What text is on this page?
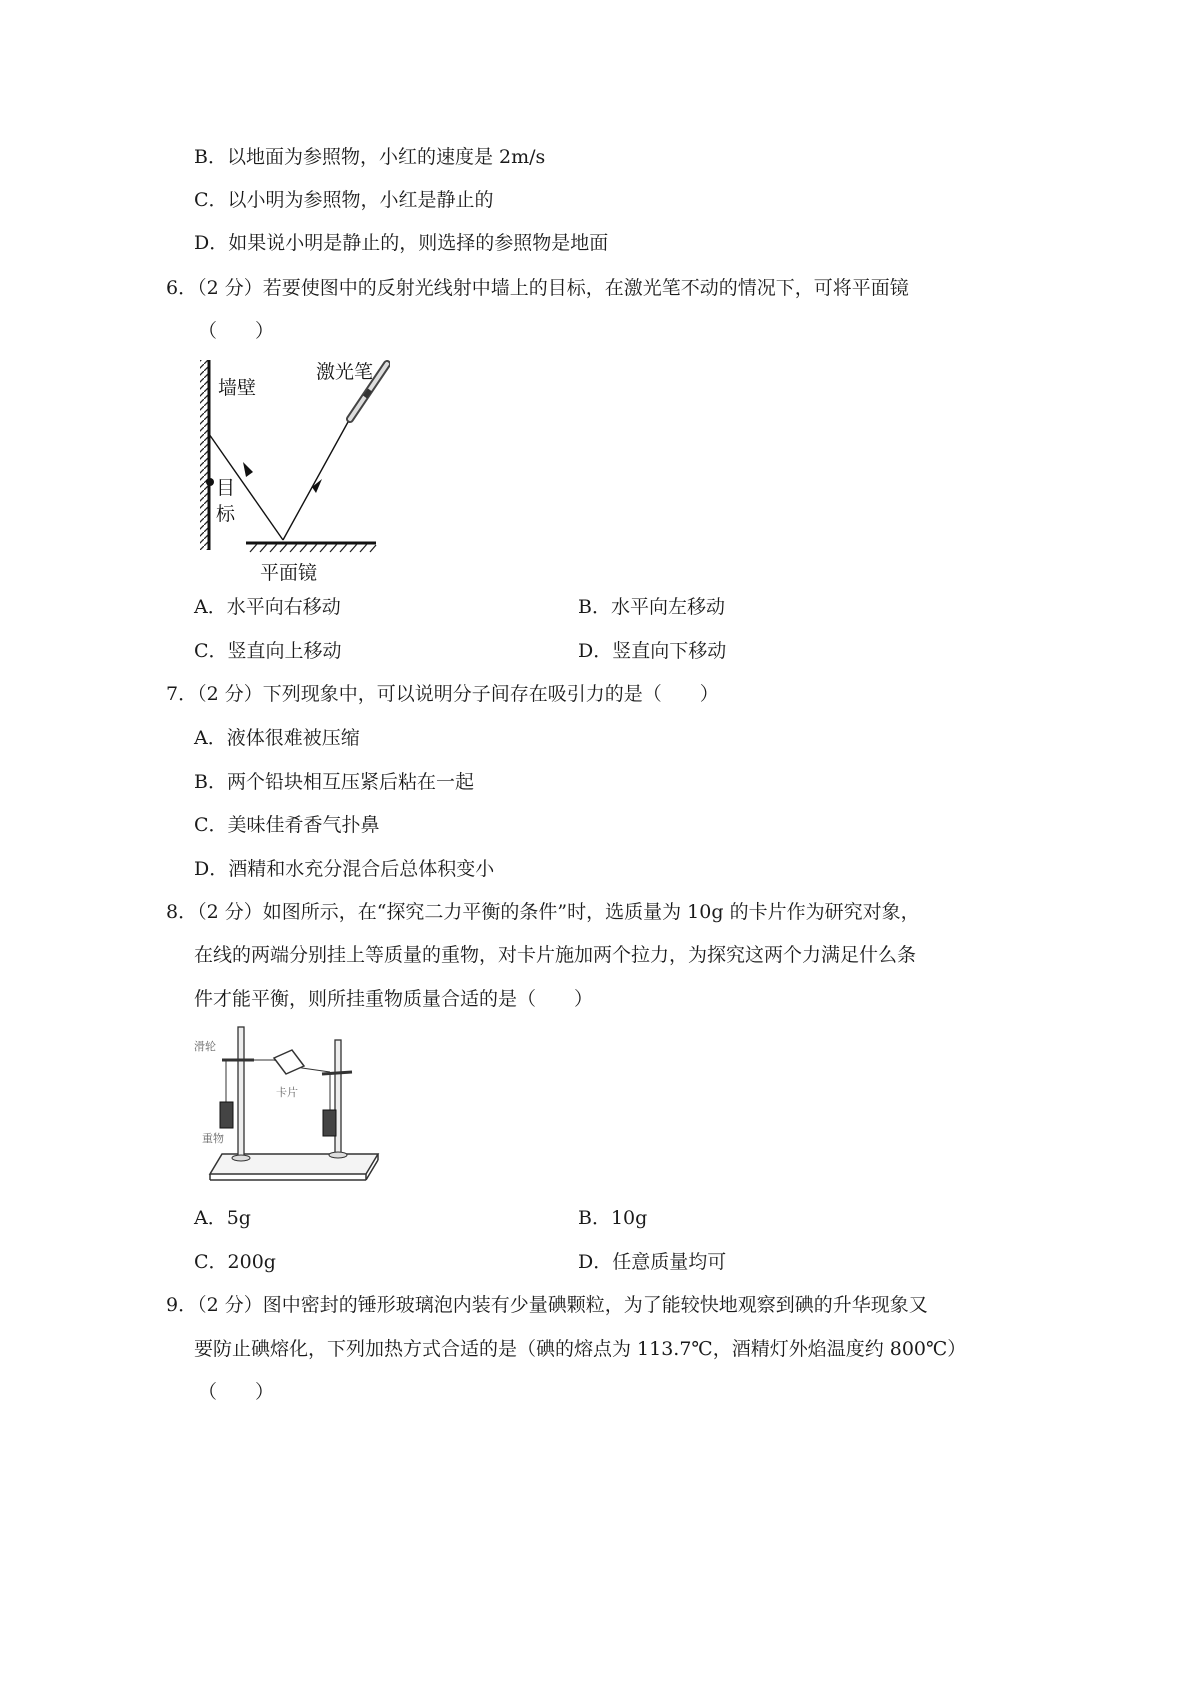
B．以地面为参照物，小红的速度是 2m/s
C．以小明为参照物，小红是静止的
D．如果说小明是静止的，则选择的参照物是地面
6．（2 分）若要使图中的反射光线射中墙上的目标，在激光笔不动的情况下，可将平面镜
（　　）
墙壁
激光笔
目
标
平面镜
A．水平向右移动	B．水平向左移动
C．竖直向上移动	D．竖直向下移动
7．（2 分）下列现象中，可以说明分子间存在吸引力的是（　　）
A．液体很难被压缩
B．两个铅块相互压紧后粘在一起
C．美味佳肴香气扑鼻
D．酒精和水充分混合后总体积变小
8．（2 分）如图所示，在“探究二力平衡的条件”时，选质量为 10g 的卡片作为研究对象，
在线的两端分别挂上等质量的重物，对卡片施加两个拉力，为探究这两个力满足什么条
件才能平衡，则所挂重物质量合适的是（　　）
滑轮
卡片
重物
A．5g	B．10g
C．200g	D．任意质量均可
9．（2 分）图中密封的锤形玻璃泡内装有少量碘颗粒，为了能较快地观察到碘的升华现象又
要防止碘熔化，下列加热方式合适的是（碘的熔点为 113.7℃，酒精灯外焰温度约 800℃）
（　　）
